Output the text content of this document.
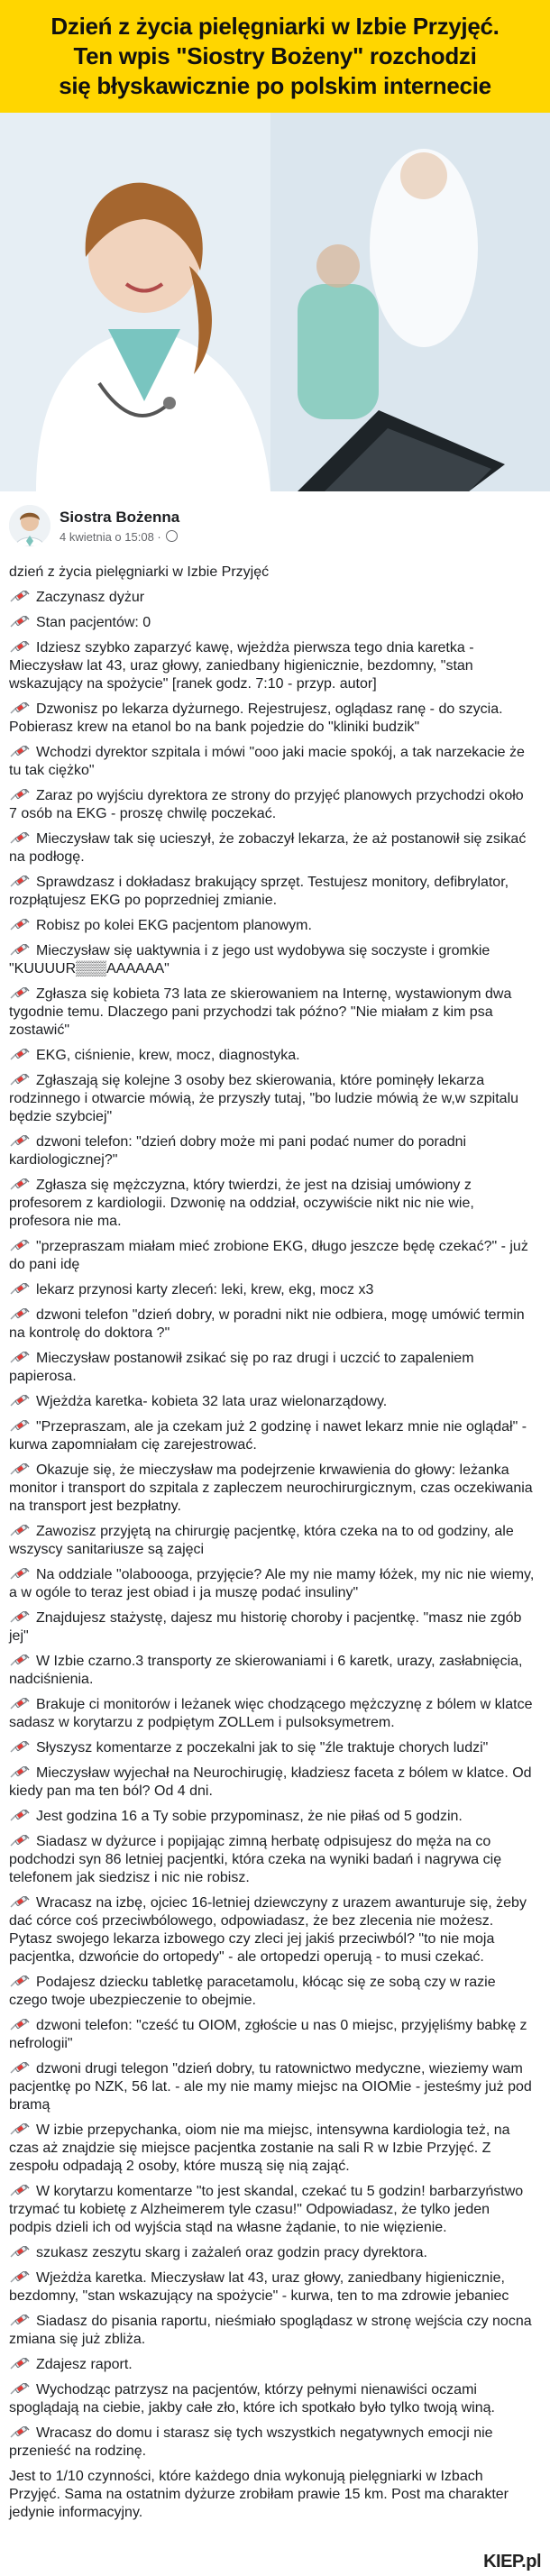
Dzień z życia pielęgniarki w Izbie Przyjęć.
Ten wpis "Siostry Bożeny" rozchodzi
się błyskawicznie po polskim internecie
Siostra Bożenna
4 kwietnia o 15:08 ·
dzień z życia pielęgniarki w Izbie Przyjęć
Zaczynasz dyżur
Stan pacjentów: 0
Idziesz szybko zaparzyć kawę, wjeżdża pierwsza tego dnia karetka - Mieczysław lat 43, uraz głowy, zaniedbany higienicznie, bezdomny, "stan wskazujący na spożycie" [ranek godz. 7:10 - przyp. autor]
Dzwonisz po lekarza dyżurnego. Rejestrujesz, oglądasz ranę - do szycia. Pobierasz krew na etanol bo na bank pojedzie do "kliniki budzik"
Wchodzi dyrektor szpitala i mówi "ooo jaki macie spokój, a tak narzekacie że tu tak ciężko"
Zaraz po wyjściu dyrektora ze strony do przyjęć planowych przychodzi około 7 osób na EKG - proszę chwilę poczekać.
Mieczysław tak się ucieszył, że zobaczył lekarza, że aż postanowił się zsikać na podłogę.
Sprawdzasz i dokładasz brakujący sprzęt. Testujesz monitory, defibrylator, rozpłątujesz EKG po poprzedniej zmianie.
Robisz po kolei EKG pacjentom planowym.
Mieczysław się uaktywnia i z jego ust wydobywa się soczyste i gromkie "KUUUUR▒▒▒AAAAAA"
Zgłasza się kobieta 73 lata ze skierowaniem na Internę, wystawionym dwa tygodnie temu. Dlaczego pani przychodzi tak późno? "Nie miałam z kim psa zostawić"
EKG, ciśnienie, krew, mocz, diagnostyka.
Zgłaszają się kolejne 3 osoby bez skierowania, które pominęły lekarza rodzinnego i otwarcie mówią, że przyszły tutaj, "bo ludzie mówią że w,w szpitalu będzie szybciej"
dzwoni telefon: "dzień dobry może mi pani podać numer do poradni kardiologicznej?"
Zgłasza się mężczyzna, który twierdzi, że jest na dzisiaj umówiony z profesorem z kardiologii. Dzwonię na oddział, oczywiście nikt nic nie wie, profesora nie ma.
"przepraszam miałam mieć zrobione EKG, długo jeszcze będę czekać?" - już do pani idę
lekarz przynosi karty zleceń: leki, krew, ekg, mocz x3
dzwoni telefon "dzień dobry, w poradni nikt nie odbiera, mogę umówić termin na kontrolę do doktora ?"
Mieczysław postanowił zsikać się po raz drugi i uczcić to zapaleniem papierosa.
Wjeżdża karetka- kobieta 32 lata uraz wielonarządowy.
"Przepraszam, ale ja czekam już 2 godzinę i nawet lekarz mnie nie oglądał" - kurwa zapomniałam cię zarejestrować.
Okazuje się, że mieczysław ma podejrzenie krwawienia do głowy: leżanka monitor i transport do szpitala z zapleczem neurochirurgicznym, czas oczekiwania na transport jest bezpłatny.
Zawozisz przyjętą na chirurgię pacjentkę, która czeka na to od godziny, ale wszyscy sanitariusze są zajęci
Na oddziale "olaboooga, przyjęcie? Ale my nie mamy łóżek, my nic nie wiemy, a w ogóle to teraz jest obiad i ja muszę podać insuliny"
Znajdujesz stażystę, dajesz mu historię choroby i pacjentkę. "masz nie zgób jej"
W Izbie czarno.3 transporty ze skierowaniami i 6 karetk, urazy, zasłabnięcia, nadciśnienia.
Brakuje ci monitorów i leżanek więc chodzącego mężczyznę z bólem w klatce sadasz w korytarzu z podpiętym ZOLLem i pulsoksymetrem.
Słyszysz komentarze z poczekalni jak to się "źle traktuje chorych ludzi"
Mieczysław wyjechał na Neurochirugię, kładziesz faceta z bólem w klatce. Od kiedy pan ma ten ból? Od 4 dni.
Jest godzina 16 a Ty sobie przypominasz, że nie piłaś od 5 godzin.
Siadasz w dyżurce i popijając zimną herbatę odpisujesz do męża na co podchodzi syn 86 letniej pacjentki, która czeka na wyniki badań i nagrywa cię telefonem jak siedzisz i nic nie robisz.
Wracasz na izbę, ojciec 16-letniej dziewczyny z urazem awanturuje się, żeby dać córce coś przeciwbólowego, odpowiadasz, że bez zlecenia nie możesz. Pytasz swojego lekarza izbowego czy zleci jej jakiś przeciwból? "to nie moja pacjentka, dzwońcie do ortopedy" - ale ortopedzi operują - to musi czekać.
Podajesz dziecku tabletkę paracetamolu, kłócąc się ze sobą czy w razie czego twoje ubezpieczenie to obejmie.
dzwoni telefon: "cześć tu OIOM, zgłoście u nas 0 miejsc, przyjęliśmy babkę z nefrologii"
dzwoni drugi telegon "dzień dobry, tu ratownictwo medyczne, wieziemy wam pacjentkę po NZK, 56 lat. - ale my nie mamy miejsc na OIOMie - jesteśmy już pod bramą
W izbie przepychanka, oiom nie ma miejsc, intensywna kardiologia też, na czas aż znajdzie się miejsce pacjentka zostanie na sali R w Izbie Przyjęć. Z zespołu odpadają 2 osoby, które muszą się nią zająć.
W korytarzu komentarze "to jest skandal, czekać tu 5 godzin! barbarzyństwo trzymać tu kobietę z Alzheimerem tyle czasu!" Odpowiadasz, że tylko jeden podpis dzieli ich od wyjścia stąd na własne żądanie, to nie więzienie.
szukasz zeszytu skarg i zażaleń oraz godzin pracy dyrektora.
Wjeżdża karetka. Mieczysław lat 43, uraz głowy, zaniedbany higienicznie, bezdomny, "stan wskazujący na spożycie" - kurwa, ten to ma zdrowie jebaniec
Siadasz do pisania raportu, nieśmiało spoglądasz w stronę wejścia czy nocna zmiana się już zbliża.
Zdajesz raport.
Wychodząc patrzysz na pacjentów, którzy pełnymi nienawiści oczami spoglądają na ciebie, jakby całe zło, które ich spotkało było tylko twoją winą.
Wracasz do domu i starasz się tych wszystkich negatywnych emocji nie przenieść na rodzinę.
Jest to 1/10 czynności, które każdego dnia wykonują pielęgniarki w Izbach Przyjęć. Sama na ostatnim dyżurze zrobiłam prawie 15 km. Post ma charakter jedynie informacyjny.
KIEP.pl
